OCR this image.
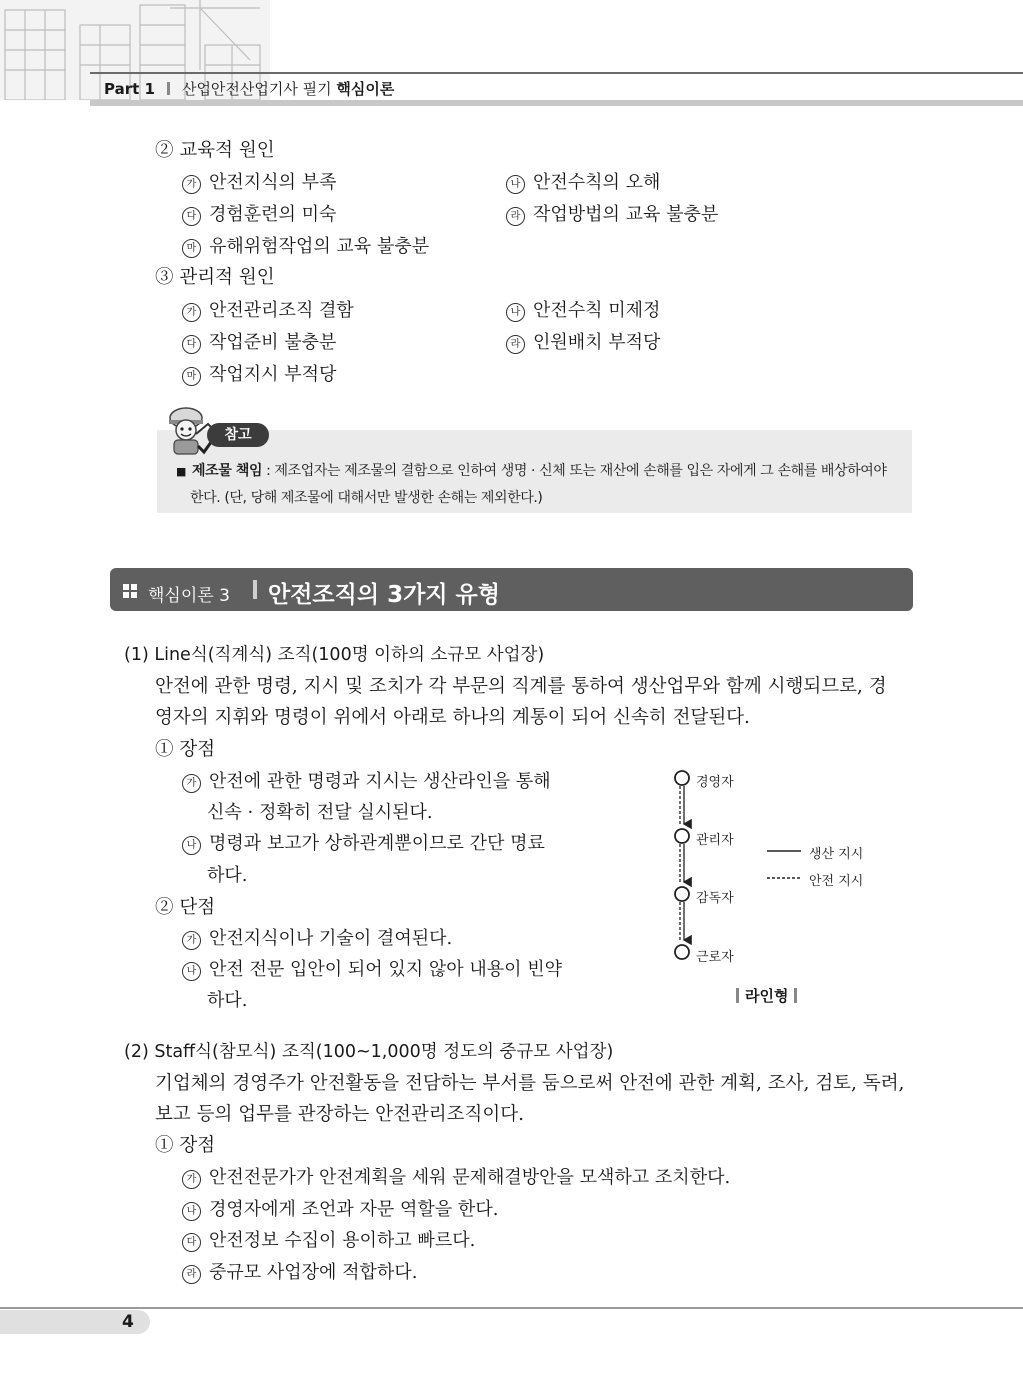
Part 1 산업안전산업기사 필기 핵심이론
② 교육적 원인
가 안전지식의 부족	나 안전수칙의 오해
다 경험훈련의 미숙	라 작업방법의 교육 불충분
마 유해위험작업의 교육 불충분
③ 관리적 원인
가 안전관리조직 결함	나 안전수칙 미제정
다 작업준비 불충분	라 인원배치 부적당
마 작업지시 부적당
참고
■ 제조물 책임 : 제조업자는 제조물의 결함으로 인하여 생명 · 신체 또는 재산에 손해를 입은 자에게 그 손해를 배상하여야
한다. (단, 당해 제조물에 대해서만 발생한 손해는 제외한다.)
핵심이론 3 안전조직의 3가지 유형
(1) Line식(직계식) 조직(100명 이하의 소규모 사업장)
안전에 관한 명령, 지시 및 조치가 각 부문의 직계를 통하여 생산업무와 함께 시행되므로, 경
영자의 지휘와 명령이 위에서 아래로 하나의 계통이 되어 신속히 전달된다.
① 장점
가 안전에 관한 명령과 지시는 생산라인을 통해
신속 · 정확히 전달 실시된다.
나 명령과 보고가 상하관계뿐이므로 간단 명료
하다.
② 단점
가 안전지식이나 기술이 결여된다.
나 안전 전문 입안이 되어 있지 않아 내용이 빈약
하다.
경영자
관리자
감독자
근로자
생산 지시
안전 지시
라인형
(2) Staff식(참모식) 조직(100~1,000명 정도의 중규모 사업장)
기업체의 경영주가 안전활동을 전담하는 부서를 둠으로써 안전에 관한 계획, 조사, 검토, 독려,
보고 등의 업무를 관장하는 안전관리조직이다.
① 장점
가 안전전문가가 안전계획을 세워 문제해결방안을 모색하고 조치한다.
나 경영자에게 조언과 자문 역할을 한다.
다 안전정보 수집이 용이하고 빠르다.
라 중규모 사업장에 적합하다.
4
